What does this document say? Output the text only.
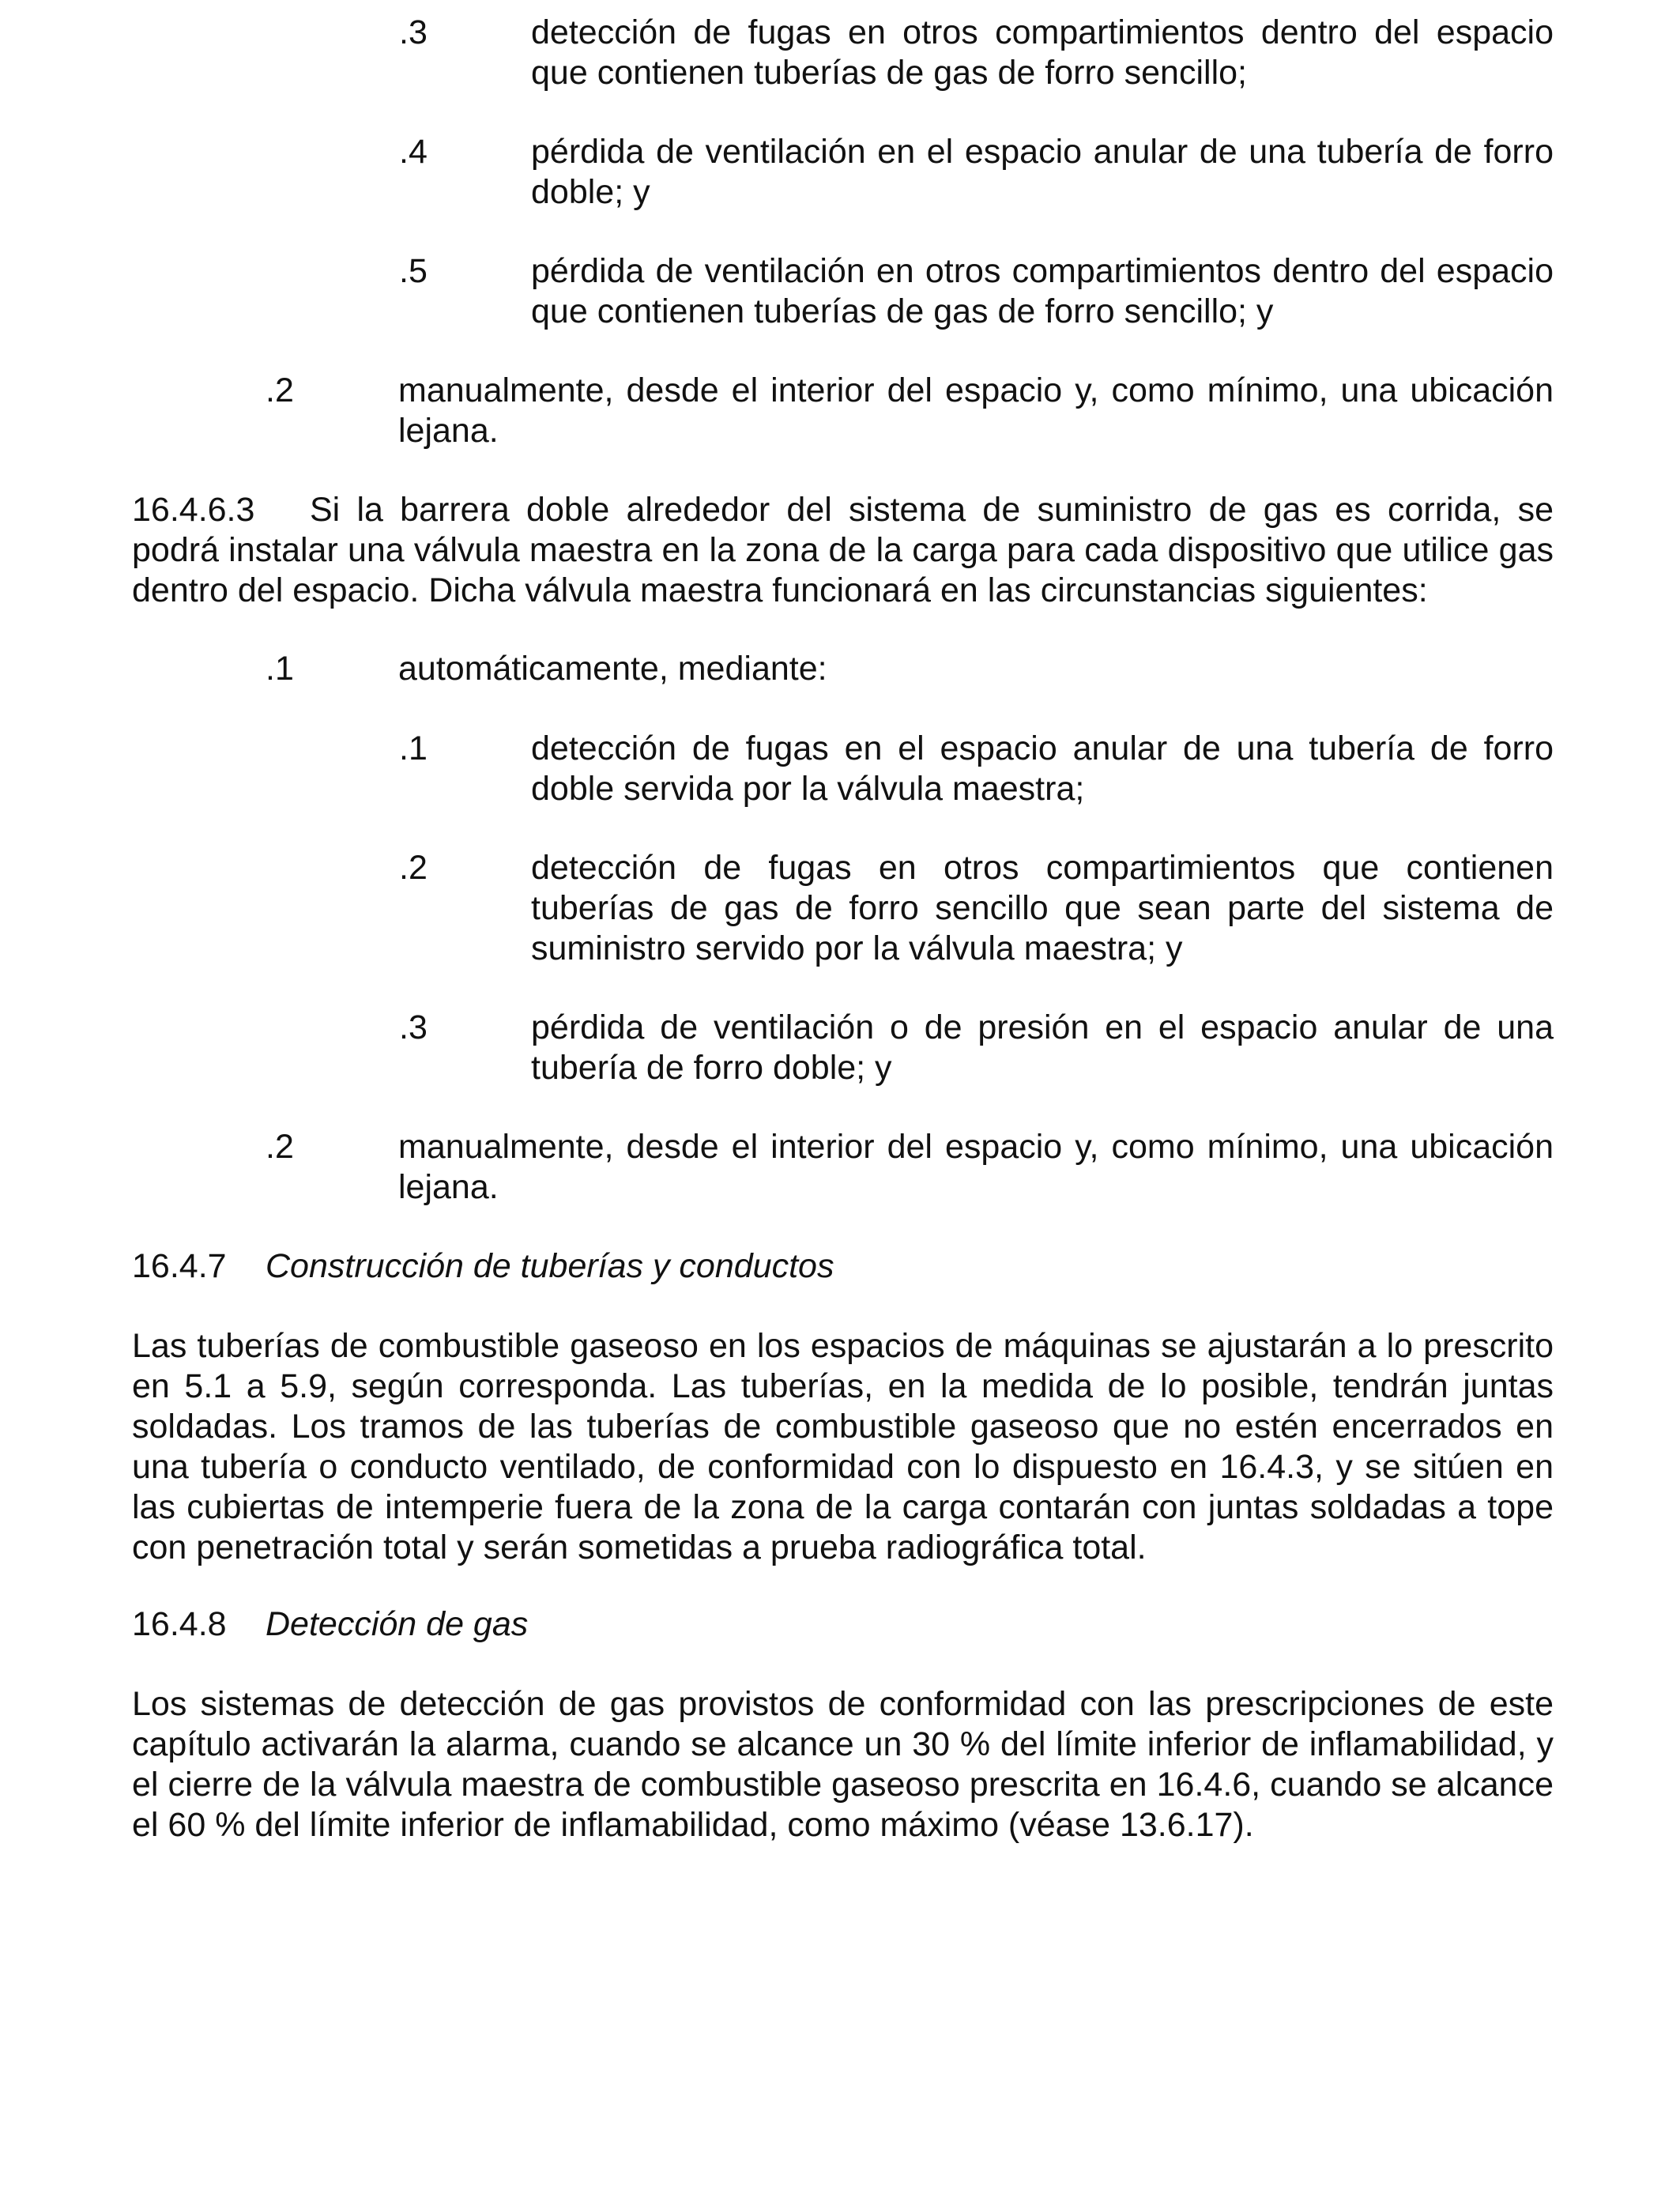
.3	detección de fugas en otros compartimientos dentro del espacio que contienen tuberías de gas de forro sencillo;
.4	pérdida de ventilación en el espacio anular de una tubería de forro doble; y
.5	pérdida de ventilación en otros compartimientos dentro del espacio que contienen tuberías de gas de forro sencillo; y
.2	manualmente, desde el interior del espacio y, como mínimo, una ubicación lejana.
16.4.6.3 Si la barrera doble alrededor del sistema de suministro de gas es corrida, se podrá instalar una válvula maestra en la zona de la carga para cada dispositivo que utilice gas dentro del espacio. Dicha válvula maestra funcionará en las circunstancias siguientes:
.1	automáticamente, mediante:
.1	detección de fugas en el espacio anular de una tubería de forro doble servida por la válvula maestra;
.2	detección de fugas en otros compartimientos que contienen tuberías de gas de forro sencillo que sean parte del sistema de suministro servido por la válvula maestra; y
.3	pérdida de ventilación o de presión en el espacio anular de una tubería de forro doble; y
.2	manualmente, desde el interior del espacio y, como mínimo, una ubicación lejana.
16.4.7 Construcción de tuberías y conductos
Las tuberías de combustible gaseoso en los espacios de máquinas se ajustarán a lo prescrito en 5.1 a 5.9, según corresponda. Las tuberías, en la medida de lo posible, tendrán juntas soldadas. Los tramos de las tuberías de combustible gaseoso que no estén encerrados en una tubería o conducto ventilado, de conformidad con lo dispuesto en 16.4.3, y se sitúen en las cubiertas de intemperie fuera de la zona de la carga contarán con juntas soldadas a tope con penetración total y serán sometidas a prueba radiográfica total.
16.4.8 Detección de gas
Los sistemas de detección de gas provistos de conformidad con las prescripciones de este capítulo activarán la alarma, cuando se alcance un 30 % del límite inferior de inflamabilidad, y el cierre de la válvula maestra de combustible gaseoso prescrita en 16.4.6, cuando se alcance el 60 % del límite inferior de inflamabilidad, como máximo (véase 13.6.17).
